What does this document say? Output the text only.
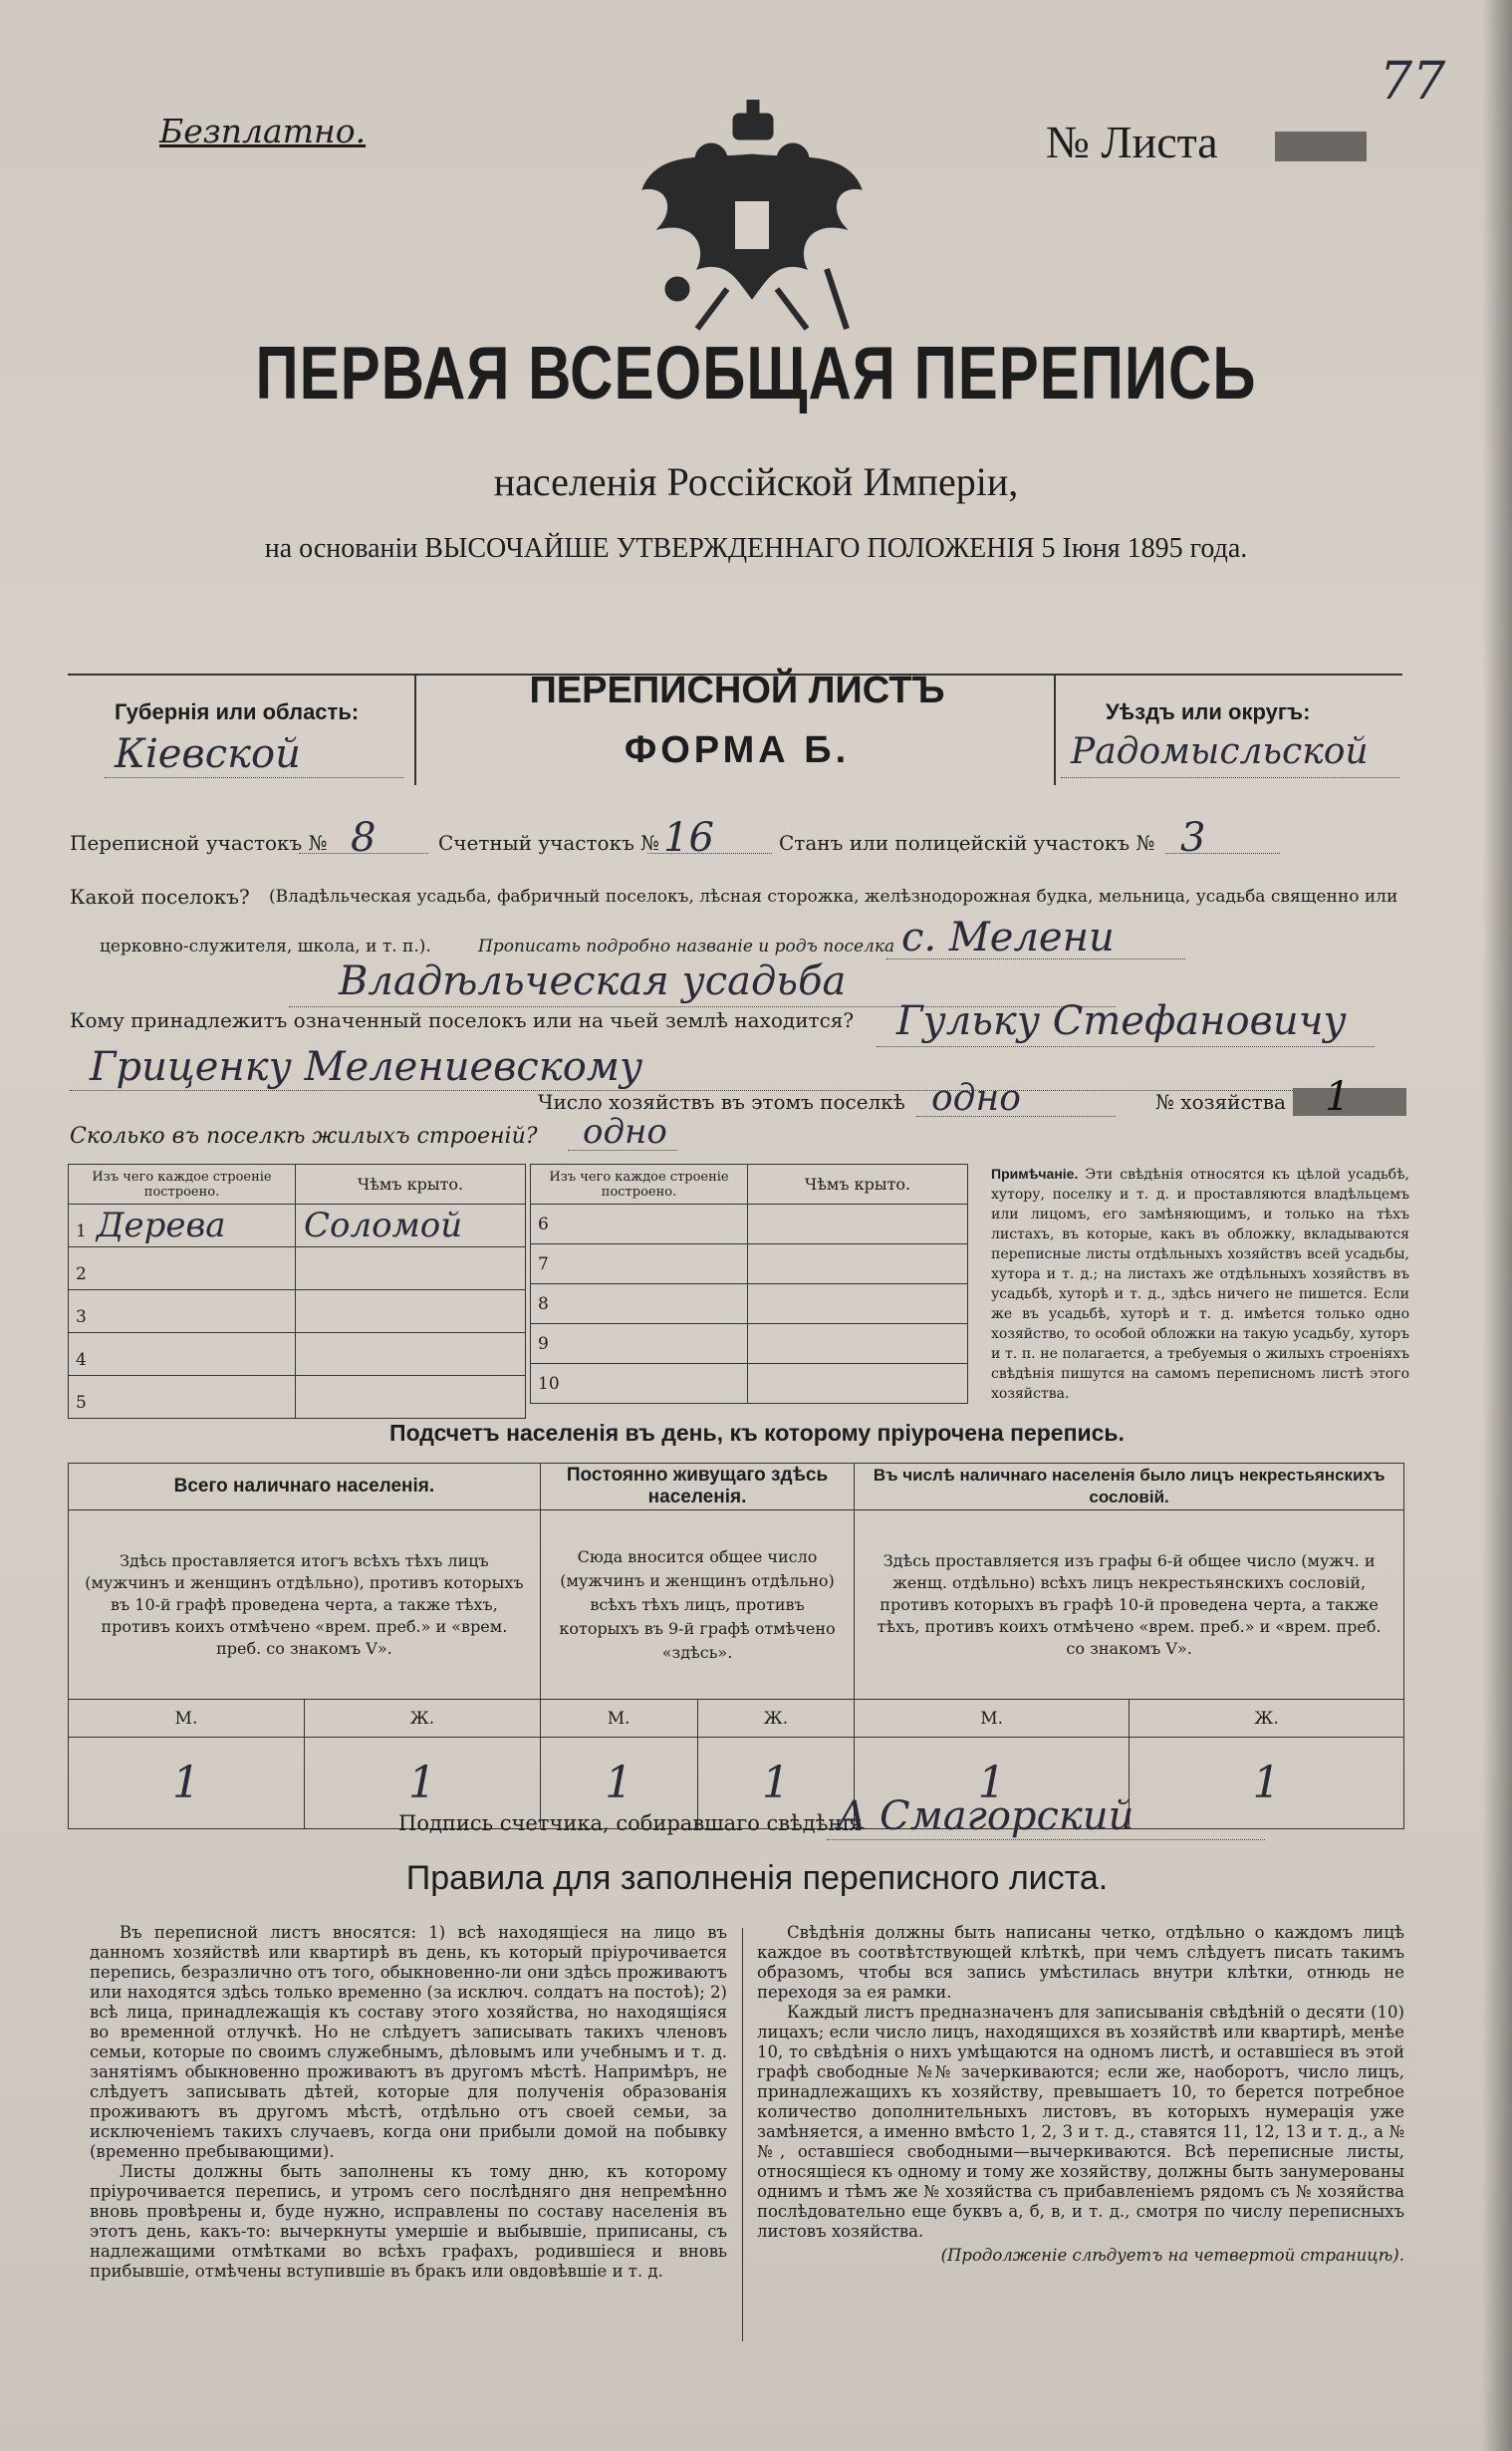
Безплатно.	№ Листа
77
ПЕРВАЯ ВСЕОБЩАЯ ПЕРЕПИСЬ
населенія Россійской Имперіи,
на основаніи ВЫСОЧАЙШЕ УТВЕРЖДЕННАГО ПОЛОЖЕНІЯ 5 Іюня 1895 года.
Губернія или область:
Кіевской
ПЕРЕПИСНОЙ ЛИСТЪ
ФОРМА Б.
Уѣздъ или округъ:
Радомысльской
Переписной участокъ № 8	Счетный участокъ № 16	Станъ или полицейскій участокъ № 3
Какой поселокъ? (Владѣльческая усадьба, фабричный поселокъ, лѣсная сторожка, желѣзнодорожная будка, мельница, усадьба священно или
церковно-служителя, школа, и т. п.).	Прописать подробно названіе и родъ поселка с. Мелени
Владѣльческая усадьба
Кому принадлежитъ означенный поселокъ или на чьей землѣ находится? Гульку Стефановичу
Гриценку Мелениевскому
Число хозяйствъ въ этомъ поселкѣ одно	№ хозяйства 1
Сколько въ поселкѣ жилыхъ строеній? одно
Изъ чего каждое строеніе построено.	Чѣмъ крыто.
1 Дерева	Соломой
2	
3	
4	
5	
Изъ чего каждое строеніе построено.	Чѣмъ крыто.
6	
7	
8	
9	
10	
Примѣчаніе. Эти свѣдѣнія относятся къ цѣлой усадьбѣ, хутору, поселку и т. д. и проставляются владѣльцемъ или лицомъ, его замѣняющимъ, и только на тѣхъ листахъ, въ которые, какъ въ обложку, вкладываются переписные листы отдѣльныхъ хозяйствъ всей усадьбы, хутора и т. д.; на листахъ же отдѣльныхъ хозяйствъ въ усадьбѣ, хуторѣ и т. д., здѣсь ничего не пишется. Если же въ усадьбѣ, хуторѣ и т. д. имѣется только одно хозяйство, то особой обложки на такую усадьбу, хуторъ и т. п. не полагается, а требуемыя о жилыхъ строеніяхъ свѣдѣнія пишутся на самомъ переписномъ листѣ этого хозяйства.
Подсчетъ населенія въ день, къ которому пріурочена перепись.
Всего наличнаго населенія.		Постоянно живущаго здѣсь населенія.		Въ числѣ наличнаго населенія было лицъ некрестьянскихъ сословій.	
Здѣсь проставляется итогъ всѣхъ тѣхъ лицъ (мужчинъ и женщинъ отдѣльно), противъ которыхъ въ 10-й графѣ проведена черта, а также тѣхъ, противъ коихъ отмѣчено «врем. преб.» и «врем. преб. со знакомъ V».		Сюда вносится общее число (мужчинъ и женщинъ отдѣльно) всѣхъ тѣхъ лицъ, противъ которыхъ въ 9-й графѣ отмѣчено «здѣсь».		Здѣсь проставляется изъ графы 6-й общее число (мужч. и женщ. отдѣльно) всѣхъ лицъ некрестьянскихъ сословій, противъ которыхъ въ графѣ 10-й проведена черта, а также тѣхъ, противъ коихъ отмѣчено «врем. преб.» и «врем. преб. со знакомъ V».	
М.	Ж.	М.	Ж.	М.	Ж.
1	1	1	1	1	1
Подпись счетчика, собиравшаго свѣдѣнія
А Смагорский
Правила для заполненія переписного листа.
Въ переписной листъ вносятся: 1) всѣ находящіеся на лицо въ данномъ хозяйствѣ или квартирѣ въ день, къ который пріурочивается перепись, безразлично отъ того, обыкновенно-ли они здѣсь проживаютъ или находятся здѣсь только временно (за исключ. солдатъ на постоѣ); 2) всѣ лица, принадлежащія къ составу этого хозяйства, но находящіяся во временной отлучкѣ. Но не слѣдуетъ записывать такихъ членовъ семьи, которые по своимъ служебнымъ, дѣловымъ или учебнымъ и т. д. занятіямъ обыкновенно проживаютъ въ другомъ мѣстѣ. Напримѣръ, не слѣдуетъ записывать дѣтей, которые для полученія образованія проживаютъ въ другомъ мѣстѣ, отдѣльно отъ своей семьи, за исключеніемъ такихъ случаевъ, когда они прибыли домой на побывку (временно пребывающими).
Листы должны быть заполнены къ тому дню, къ которому пріурочивается перепись, и утромъ сего послѣдняго дня непремѣнно вновь провѣрены и, буде нужно, исправлены по составу населенія въ этотъ день, какъ-то: вычеркнуты умершіе и выбывшіе, приписаны, съ надлежащими отмѣтками во всѣхъ графахъ, родившіеся и вновь прибывшіе, отмѣчены вступившіе въ бракъ или овдовѣвшіе и т. д.
Свѣдѣнія должны быть написаны четко, отдѣльно о каждомъ лицѣ каждое въ соотвѣтствующей клѣткѣ, при чемъ слѣдуетъ писать такимъ образомъ, чтобы вся запись умѣстилась внутри клѣтки, отнюдь не переходя за ея рамки.
Каждый листъ предназначенъ для записыванія свѣдѣній о десяти (10) лицахъ; если число лицъ, находящихся въ хозяйствѣ или квартирѣ, менѣе 10, то свѣдѣнія о нихъ умѣщаются на одномъ листѣ, и оставшіеся въ этой графѣ свободные №№ зачеркиваются; если же, наоборотъ, число лицъ, принадлежащихъ къ хозяйству, превышаетъ 10, то берется потребное количество дополнительныхъ листовъ, въ которыхъ нумерація уже замѣняется, а именно вмѣсто 1, 2, 3 и т. д., ставятся 11, 12, 13 и т. д., а №№, оставшіеся свободными—вычеркиваются. Всѣ переписные листы, относящіеся къ одному и тому же хозяйству, должны быть занумерованы однимъ и тѣмъ же № хозяйства съ прибавленіемъ рядомъ съ № хозяйства послѣдовательно еще буквъ а, б, в, и т. д., смотря по числу переписныхъ листовъ хозяйства.
(Продолженіе слѣдуетъ на четвертой страницѣ).
